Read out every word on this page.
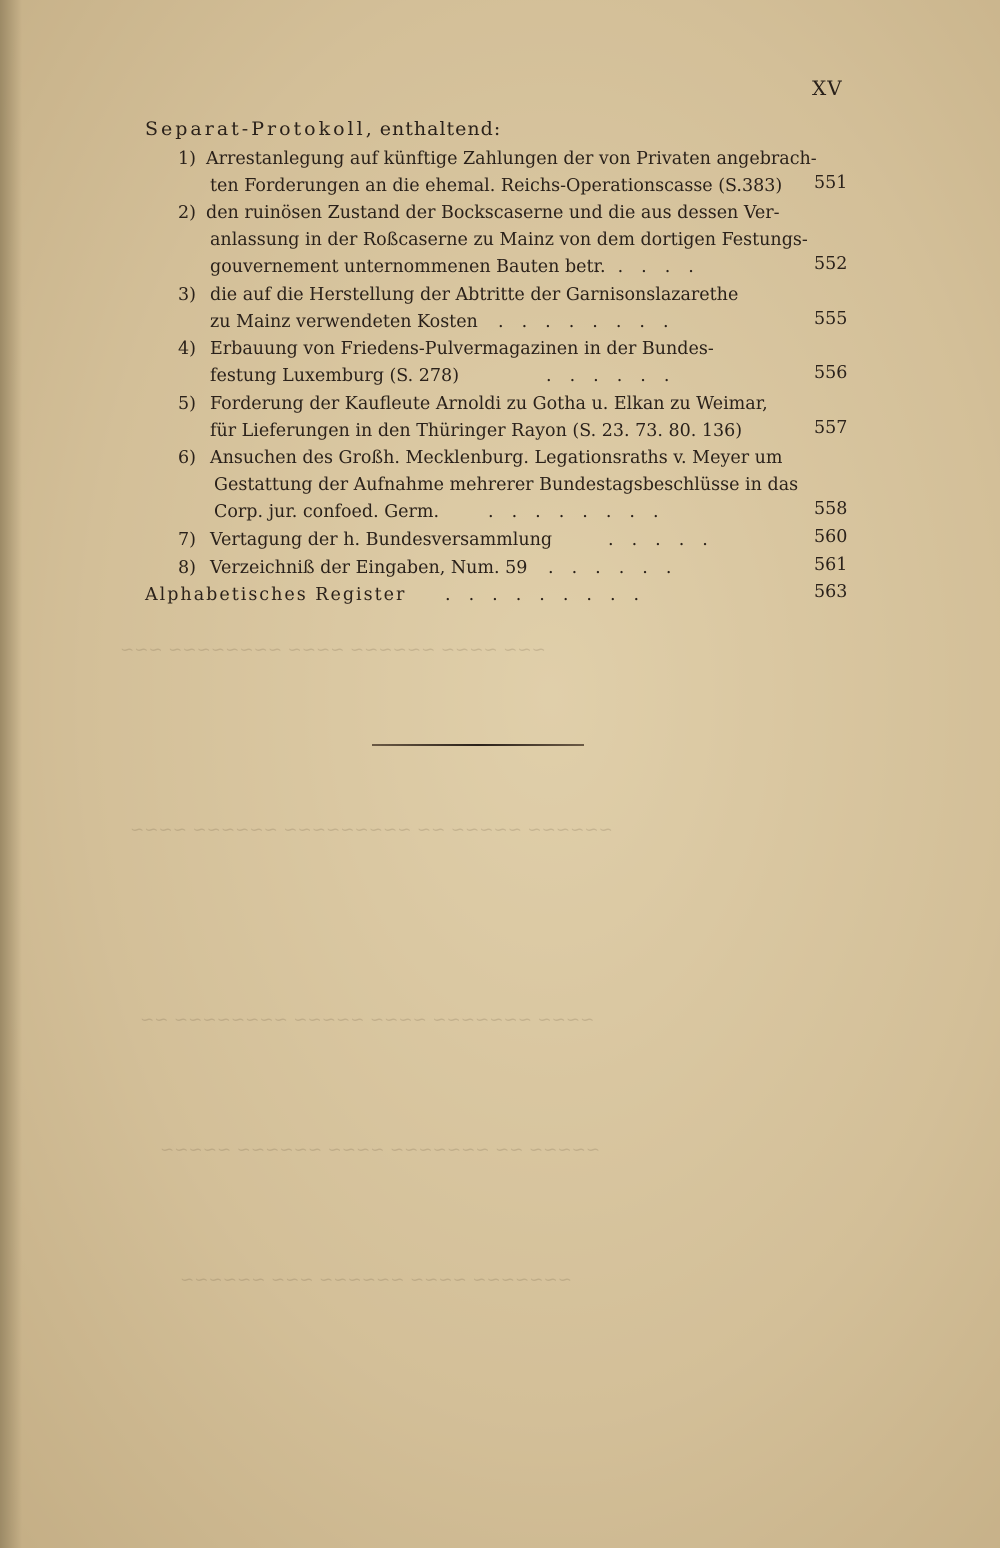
XV
Separat-Protokoll, enthaltend:
1) Arrestanlegung auf künftige Zahlungen der von Privaten angebrach-
ten Forderungen an die ehemal. Reichs-Operationscasse (S.383) 551
2) den ruinösen Zustand der Bockscaserne und die aus dessen Ver-
anlassung in der Roßcaserne zu Mainz von dem dortigen Festungs-
gouvernement unternommenen Bauten betr.
.....	552
3) die auf die Herstellung der Abtritte der Garnisonslazarethe
zu Mainz verwendeten Kosten ........	555
4) Erbauung von Friedens-Pulvermagazinen in der Bundes-
festung Luxemburg (S. 278)	......	556
5) Forderung der Kaufleute Arnoldi zu Gotha u. Elkan zu Weimar,
für Lieferungen in den Thüringer Rayon (S. 23. 73. 80. 136)	557
6) Ansuchen des Großh. Mecklenburg. Legationsraths v. Meyer um
Gestattung der Aufnahme mehrerer Bundestagsbeschlüsse in das
Corp. jur. confoed. Germ.	........	558
7) Vertagung der h. Bundesversammlung	.....	560
8) Verzeichniß der Eingaben, Num. 59 ......	561
Alphabetisches Register .........	563
~~~ ~~~~ ~~~~~~ ~~~~ ~~~~~~~~ ~~~
~~~~~~ ~~~~~ ~~ ~~~~~~~~~ ~~~~~~ ~~~~
~~~~ ~~~~~~~ ~~~~ ~~~~~ ~~~~~~~~ ~~
~~~~~ ~~ ~~~~~~~ ~~~~ ~~~~~~ ~~~~~
~~~~~~~ ~~~~ ~~~~~~ ~~~ ~~~~~~
